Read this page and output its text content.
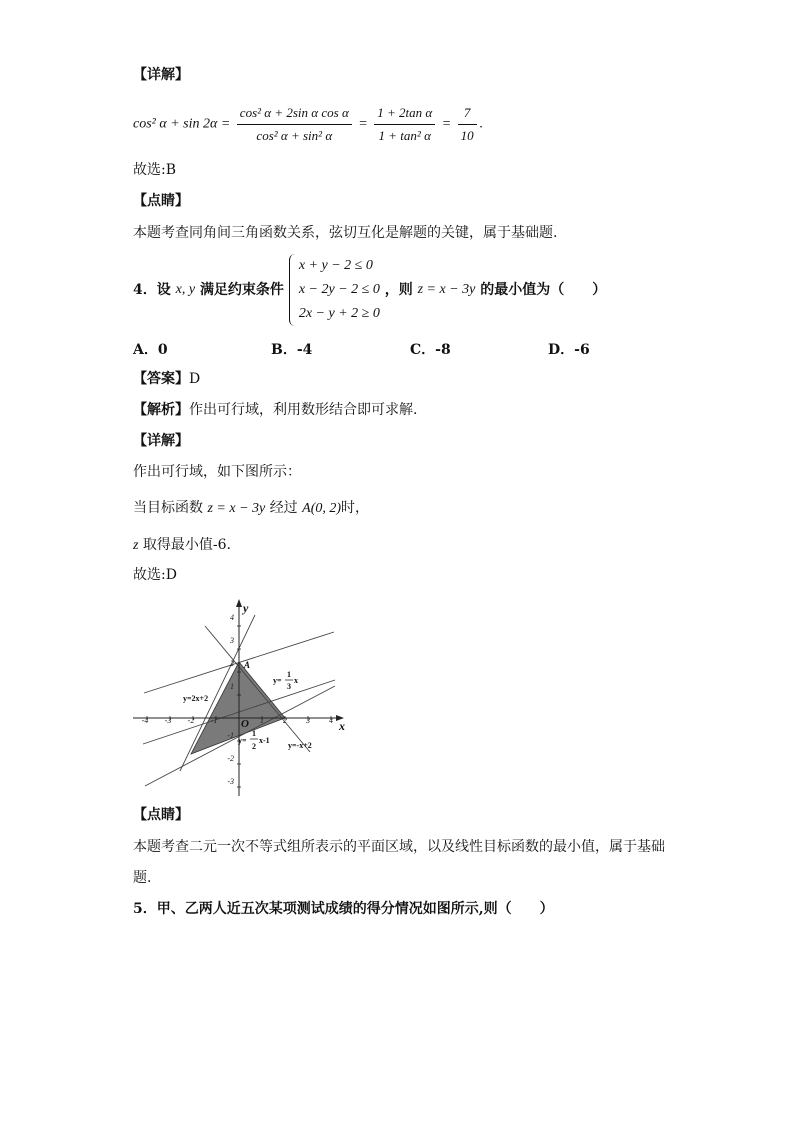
【详解】
cos² $\alpha + \sin 2\alpha = \frac{\text{cos² α + 2sin α cos α}}{\text{cos² α + sin² α}} = \frac{\text{1 + 2tan α}}{\text{1 + tan² α}} = \frac{7}{10}$ .
故选:B
【点睛】
本题考查同角间三角函数关系，弦切互化是解题的关键，属于基础题.
4．设 x, y 满足约束条件
x + y − 2 ≤ 0
x − 2y − 2 ≤ 0
2x − y + 2 ≥ 0
，则 z = x − 3y 的最小值为（　　）
A．0	B．-4	C．-8	D．-6
【答案】D
【解析】作出可行域，利用数形结合即可求解.
【详解】
作出可行域，如下图所示：
当目标函数 z = x − 3y 经过 A(0, 2)时，
z 取得最小值-6.
故选:D
-4 -3 -2 -1	1 2 3 4
4
3
2
1
-1
-2
-3
y
x
O
A
y=2x+2
y=
1
3
x
y=
1
2
x-1
y=-x+2
【点睛】
本题考查二元一次不等式组所表示的平面区域，以及线性目标函数的最小值，属于基础
题.
5．甲、乙两人近五次某项测试成绩的得分情况如图所示,则（　　）
